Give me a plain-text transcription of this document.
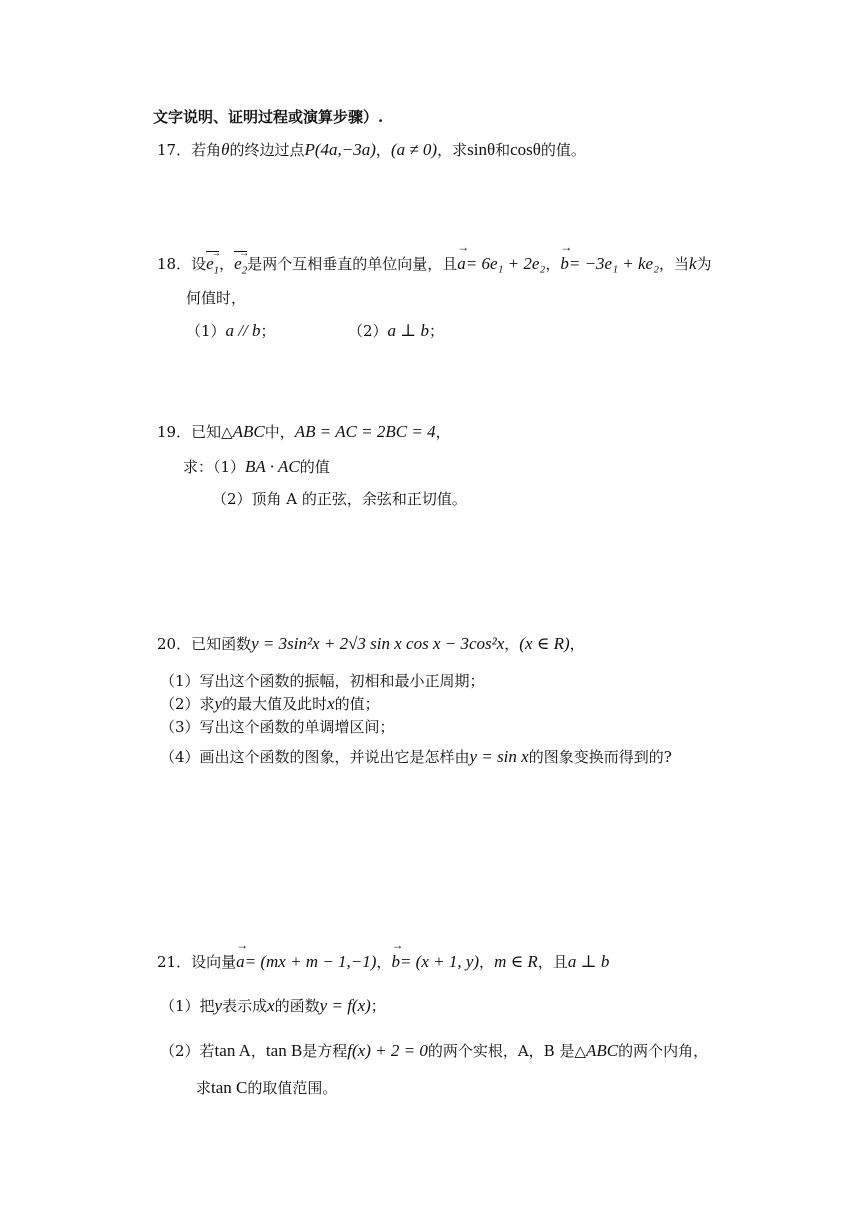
文字说明、证明过程或演算步骤）.
17．若角θ的终边过点P(4a,−3a)，(a ≠ 0)，求sinθ和cosθ的值。
18．设$e_1$ →，$e_2$ →是两个互相垂直的单位向量，且→ a= 6e₁ + 2e₂，→ b= −3e₁ + ke₂，当k为
何值时，
（1）a // b；	（2）a ⊥ b；
19．已知△ABC中，AB = AC = 2BC = 4，
求：（1）BA · AC的值
（2）顶角 A 的正弦，余弦和正切值。
20．已知函数y = 3sin²x + 2√3 sin x cos x − 3cos²x，(x ∈ R)，
（1）写出这个函数的振幅，初相和最小正周期；
（2）求y的最大值及此时x的值；
（3）写出这个函数的单调增区间；
（4）画出这个函数的图象，并说出它是怎样由y = sin x的图象变换而得到的?
21．设向量→ a= (mx + m − 1,−1)，→ b= (x + 1, y)，m ∈ R，且a ⊥ b
（1）把y表示成x的函数y = f(x)；
（2）若tan A，tan B是方程f(x) + 2 = 0的两个实根，A，B 是△ABC的两个内角，
求tan C的取值范围。
